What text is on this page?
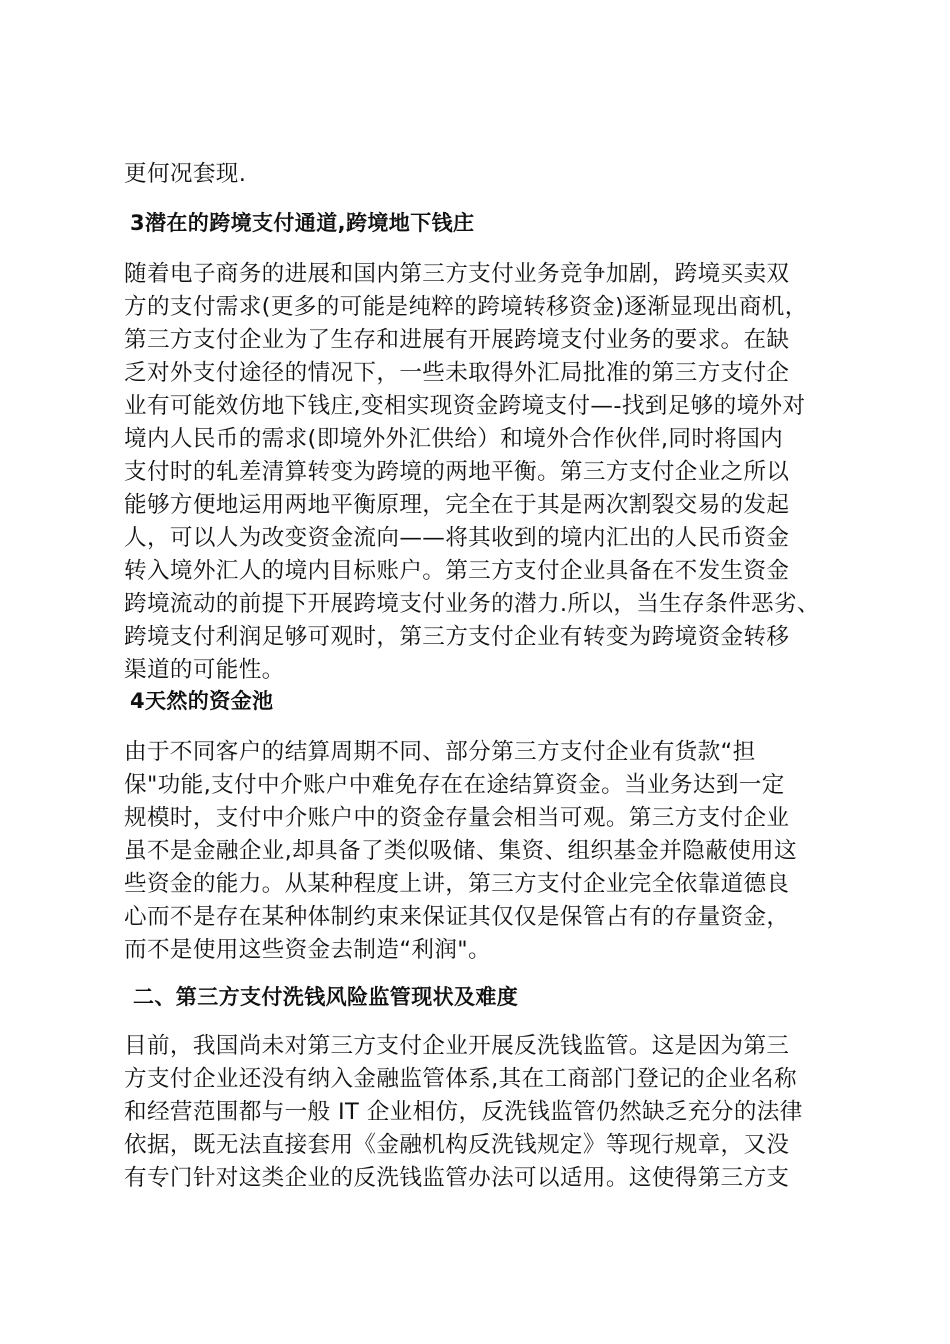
更何况套现.
3潜在的跨境支付通道,跨境地下钱庄
随着电子商务的进展和国内第三方支付业务竞争加剧，跨境买卖双
方的支付需求(更多的可能是纯粹的跨境转移资金)逐渐显现出商机，
第三方支付企业为了生存和进展有开展跨境支付业务的要求。在缺
乏对外支付途径的情况下，一些未取得外汇局批准的第三方支付企
业有可能效仿地下钱庄,变相实现资金跨境支付—-找到足够的境外对
境内人民币的需求(即境外外汇供给）和境外合作伙伴,同时将国内
支付时的轧差清算转变为跨境的两地平衡。第三方支付企业之所以
能够方便地运用两地平衡原理，完全在于其是两次割裂交易的发起
人，可以人为改变资金流向——将其收到的境内汇出的人民币资金
转入境外汇人的境内目标账户。第三方支付企业具备在不发生资金
跨境流动的前提下开展跨境支付业务的潜力.所以，当生存条件恶劣、
跨境支付利润足够可观时，第三方支付企业有转变为跨境资金转移
渠道的可能性。
4天然的资金池
由于不同客户的结算周期不同、部分第三方支付企业有货款“担
保"功能,支付中介账户中难免存在在途结算资金。当业务达到一定
规模时，支付中介账户中的资金存量会相当可观。第三方支付企业
虽不是金融企业,却具备了类似吸储、集资、组织基金并隐蔽使用这
些资金的能力。从某种程度上讲，第三方支付企业完全依靠道德良
心而不是存在某种体制约束来保证其仅仅是保管占有的存量资金，
而不是使用这些资金去制造“利润"。
二、第三方支付洗钱风险监管现状及难度
目前，我国尚未对第三方支付企业开展反洗钱监管。这是因为第三
方支付企业还没有纳入金融监管体系,其在工商部门登记的企业名称
和经营范围都与一般 IT 企业相仿，反洗钱监管仍然缺乏充分的法律
依据，既无法直接套用《金融机构反洗钱规定》等现行规章，又没
有专门针对这类企业的反洗钱监管办法可以适用。这使得第三方支
